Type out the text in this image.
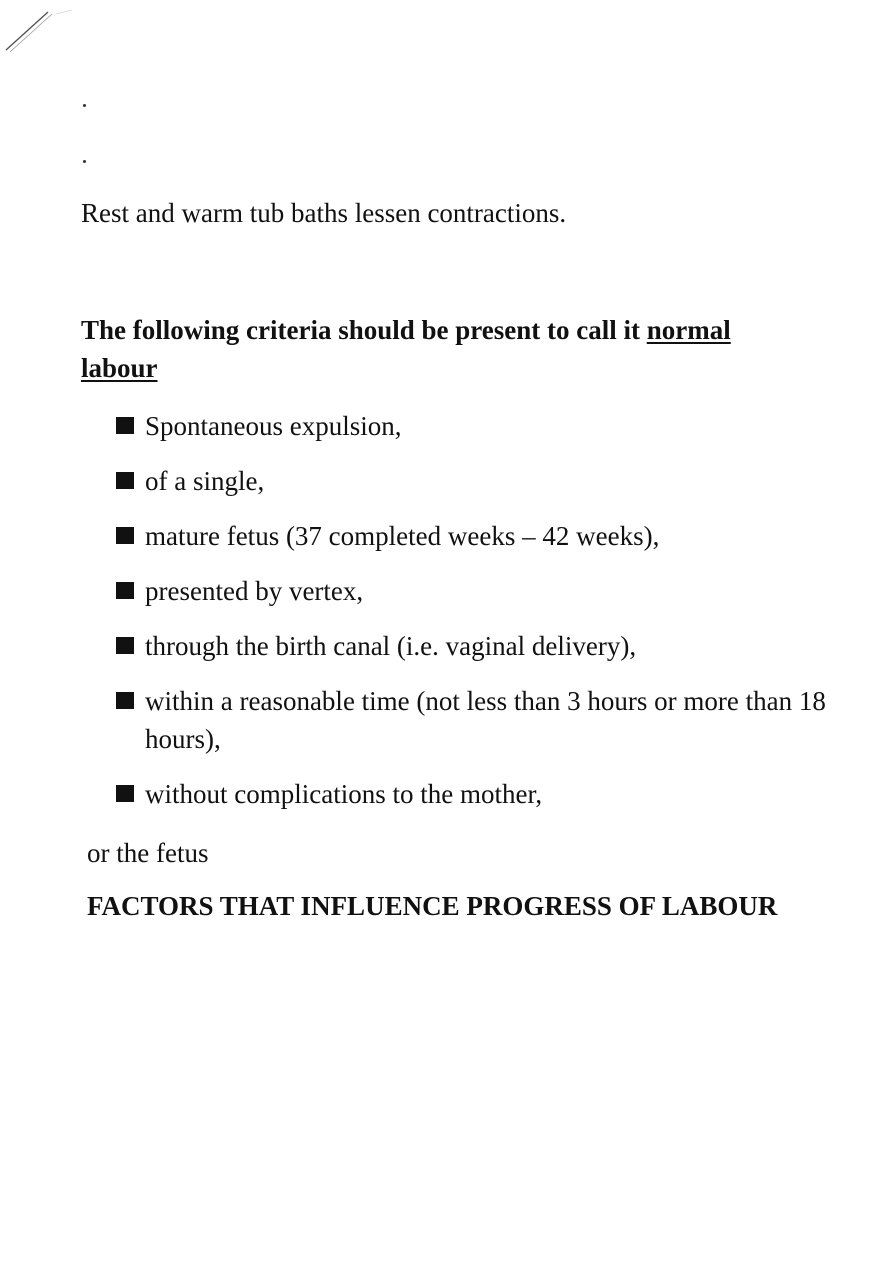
Rest and warm tub baths lessen contractions.

The following criteria should be present to call it normal labour
Spontaneous expulsion,
of a single,
mature fetus (37 completed weeks – 42 weeks),
presented by vertex,
through the birth canal (i.e. vaginal delivery),
within a reasonable time (not less than 3 hours or more than 18 hours),
without complications to the mother,

or the fetus

FACTORS THAT INFLUENCE PROGRESS OF LABOUR
